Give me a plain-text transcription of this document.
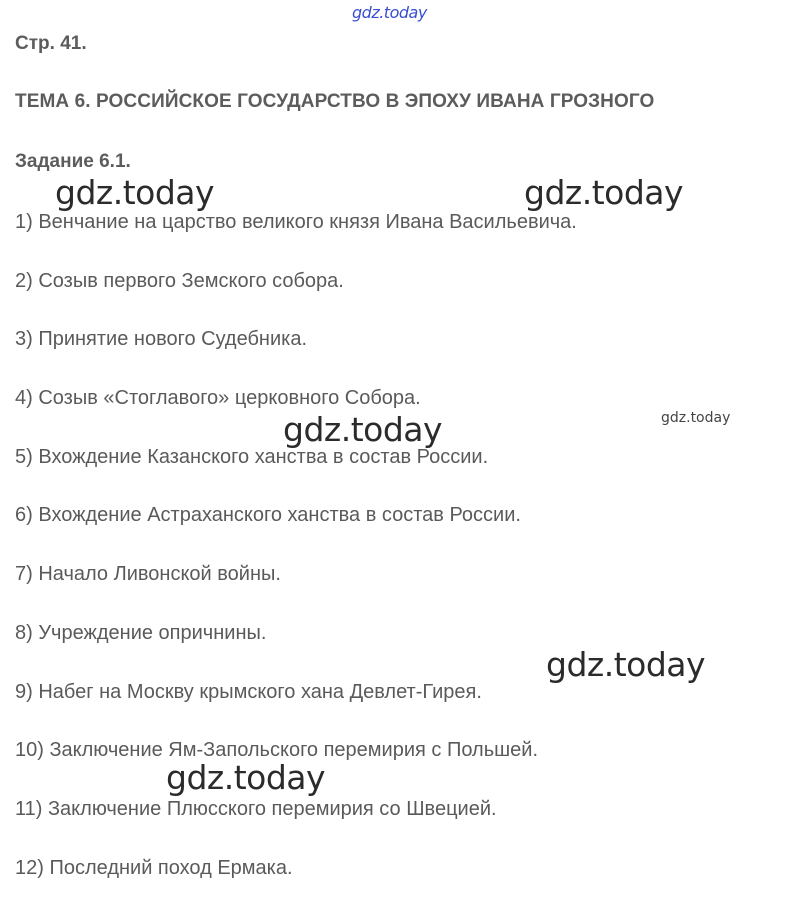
gdz.today
Стр. 41.
ТЕМА 6. РОССИЙСКОЕ ГОСУДАРСТВО В ЭПОХУ ИВАНА ГРОЗНОГО
Задание 6.1.
1) Венчание на царство великого князя Ивана Васильевича.
2) Созыв первого Земского собора.
3) Принятие нового Судебника.
4) Созыв «Стоглавого» церковного Собора.
5) Вхождение Казанского ханства в состав России.
6) Вхождение Астраханского ханства в состав России.
7) Начало Ливонской войны.
8) Учреждение опричнины.
9) Набег на Москву крымского хана Девлет-Гирея.
10) Заключение Ям-Запольского перемирия с Польшей.
11) Заключение Плюсского перемирия со Швецией.
12) Последний поход Ермака.
gdz.today	gdz.today
gdz.today	gdz.today
gdz.today
gdz.today
